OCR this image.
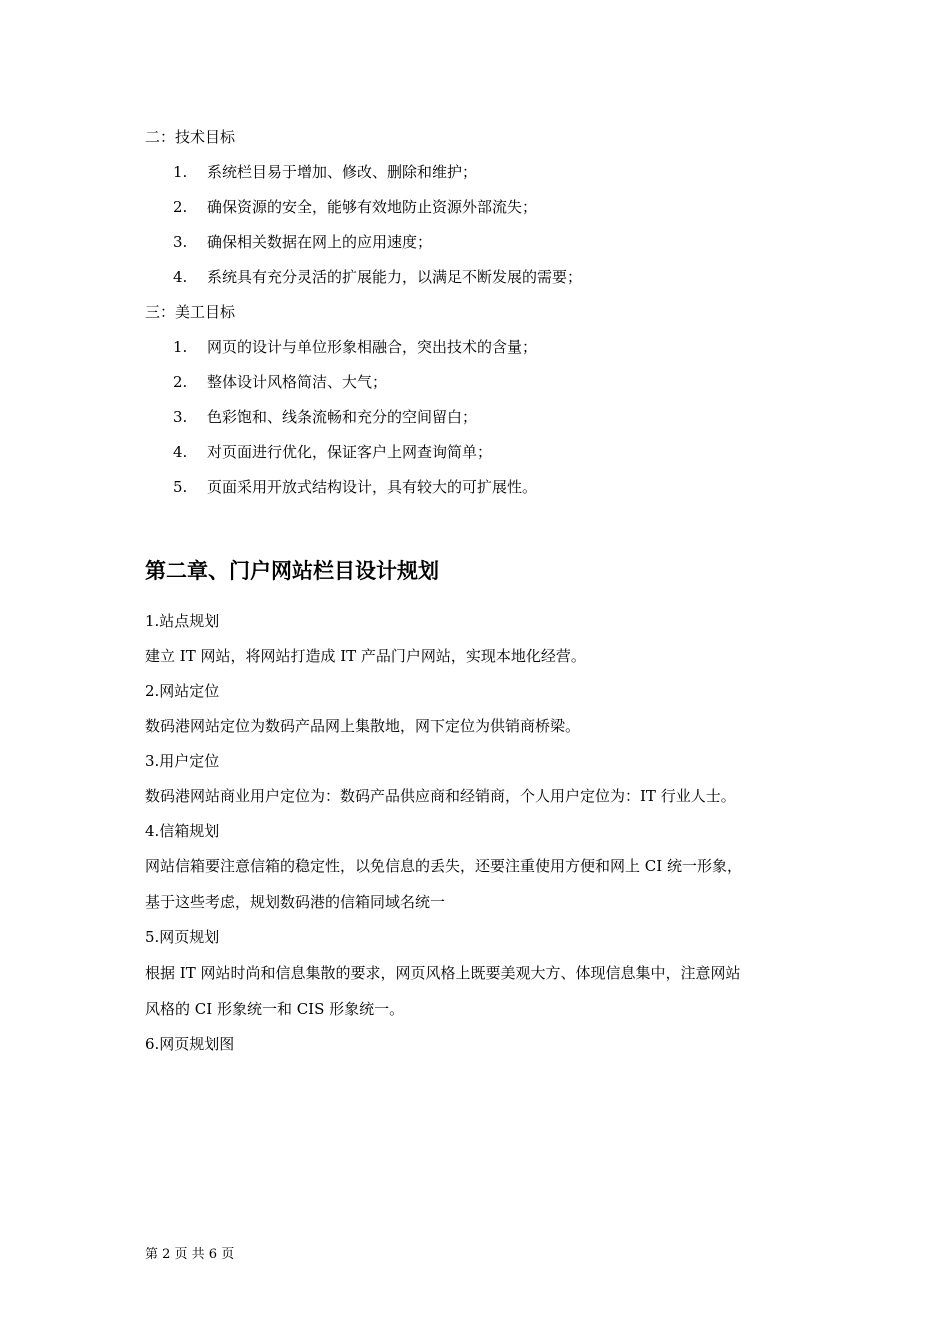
二：技术目标

1. 系统栏目易于增加、修改、删除和维护；
2. 确保资源的安全，能够有效地防止资源外部流失；
3. 确保相关数据在网上的应用速度；
4. 系统具有充分灵活的扩展能力，以满足不断发展的需要；

三：美工目标

1. 网页的设计与单位形象相融合，突出技术的含量；
2. 整体设计风格简洁、大气；
3. 色彩饱和、线条流畅和充分的空间留白；
4. 对页面进行优化，保证客户上网查询简单；
5. 页面采用开放式结构设计，具有较大的可扩展性。
第二章、门户网站栏目设计规划

1.站点规划

建立 IT 网站，将网站打造成 IT 产品门户网站，实现本地化经营。

2.网站定位

数码港网站定位为数码产品网上集散地，网下定位为供销商桥梁。

3.用户定位

数码港网站商业用户定位为：数码产品供应商和经销商，个人用户定位为：IT 行业人士。

4.信箱规划

网站信箱要注意信箱的稳定性，以免信息的丢失，还要注重使用方便和网上 CI 统一形象，

基于这些考虑，规划数码港的信箱同域名统一

5.网页规划

根据 IT 网站时尚和信息集散的要求，网页风格上既要美观大方、体现信息集中，注意网站

风格的 CI 形象统一和 CIS 形象统一。

6.网页规划图

第 2 页 共 6 页
